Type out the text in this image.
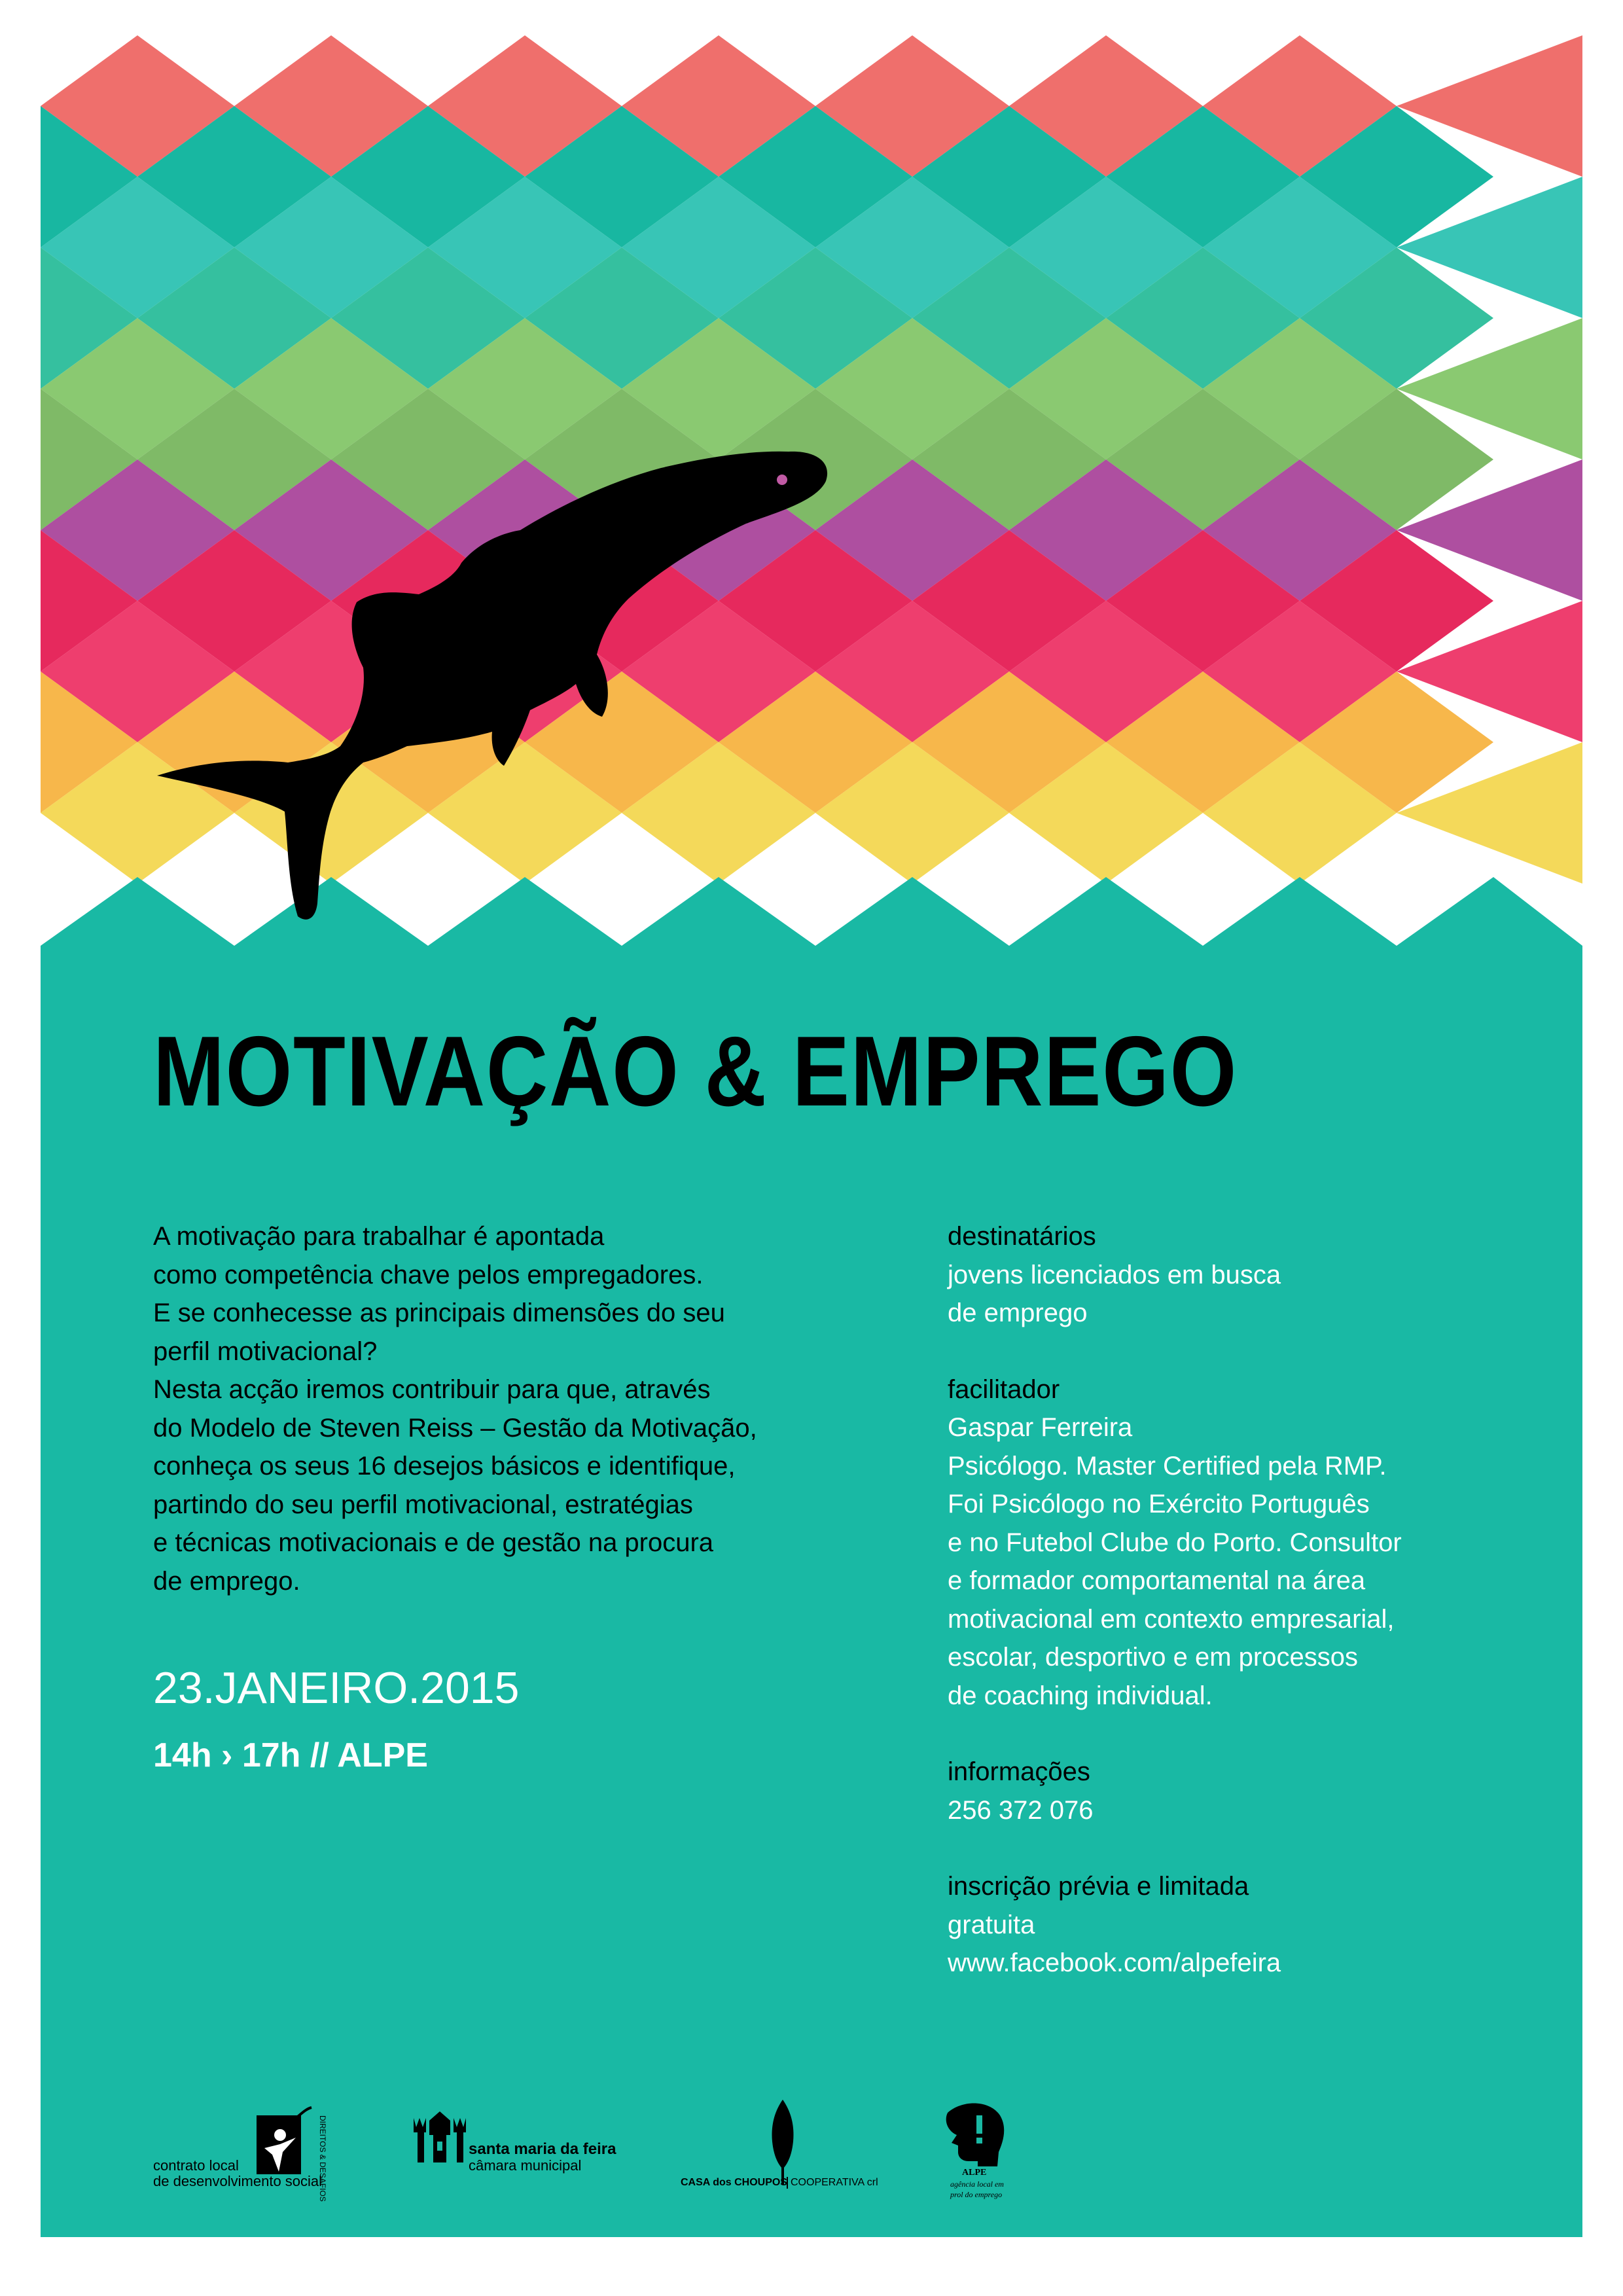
MOTIVAÇÃO & EMPREGO
A motivação para trabalhar é apontada
como competência chave pelos empregadores.
E se conhecesse as principais dimensões do seu
perfil motivacional?
Nesta acção iremos contribuir para que, através
do Modelo de Steven Reiss – Gestão da Motivação,
conheça os seus 16 desejos básicos e identifique,
partindo do seu perfil motivacional, estratégias
e técnicas motivacionais e de gestão na procura
de emprego.
23.JANEIRO.2015
14h › 17h // ALPE
destinatários
jovens licenciados em busca
de emprego
facilitador
Gaspar Ferreira
Psicólogo. Master Certified pela RMP.
Foi Psicólogo no Exército Português
e no Futebol Clube do Porto. Consultor
e formador comportamental na área
motivacional em contexto empresarial,
escolar, desportivo e em processos
de coaching individual.
informações
256 372 076
inscrição prévia e limitada
gratuita
www.facebook.com/alpefeira
contrato local
de desenvolvimento social
DIREITOS & DESAFIOS	santa maria da feira
câmara municipal
CASA dos CHOUPOS COOPERATIVA crl
ALPE
agência local em
prol do emprego
